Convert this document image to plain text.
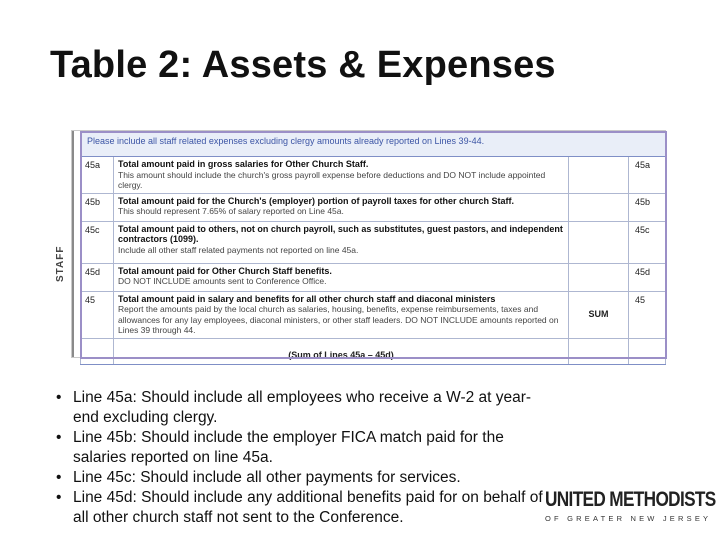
Table 2: Assets & Expenses
Please include all staff related expenses excluding clergy amounts already reported on Lines 39-44.			
45a	Total amount paid in gross salaries for Other Church Staff.
This amount should include the church's gross payroll expense before deductions and DO NOT include appointed clergy.		45a
45b	Total amount paid for the Church's (employer) portion of payroll taxes for other church Staff.
This should represent 7.65% of salary reported on Line 45a.		45b
45c	Total amount paid to others, not on church payroll, such as substitutes, guest pastors, and independent contractors (1099).
Include all other staff related payments not reported on line 45a.		45c
45d	Total amount paid for Other Church Staff benefits.
DO NOT INCLUDE amounts sent to Conference Office.		45d
45	Total amount paid in salary and benefits for all other church staff and diaconal ministers
Report the amounts paid by the local church as salaries, housing, benefits, expense reimbursements, taxes and allowances for any lay employees, diaconal ministers, or other staff leaders. DO NOT INCLUDE amounts reported on Lines 39 through 44.	SUM	45
	(Sum of Lines 45a – 45d)		
STAFF
• Line 45a: Should include all employees who receive a W-2 at year- end excluding clergy.
• Line 45b: Should include the employer FICA match paid for the salaries reported on line 45a.
• Line 45c: Should include all other payments for services.
• Line 45d: Should include any additional benefits paid for on behalf of all other church staff not sent to the Conference.
UNITED METHODISTS
OF GREATER NEW JERSEY
